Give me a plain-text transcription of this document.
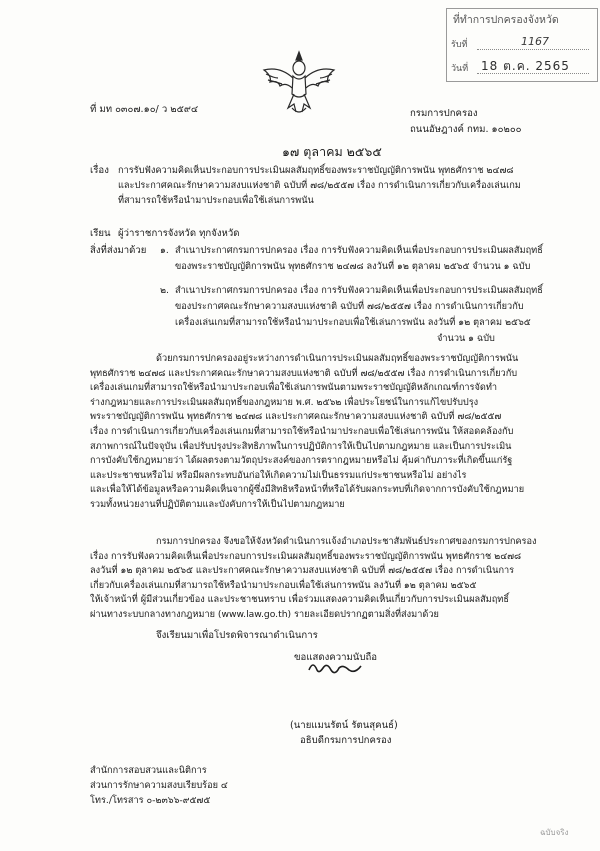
ที่ทำการปกครองจังหวัด
รับที่	1167
วันที่ 18 ต.ค. 2565
ที่ มท ๐๓๐๗.๑๐/ ว ๒๕๙๔	กรมการปกครอง
ถนนอัษฎางค์ กทม. ๑๐๒๐๐
๑๗ ตุลาคม ๒๕๖๕
เรื่อง การรับฟังความคิดเห็นประกอบการประเมินผลสัมฤทธิ์ของพระราชบัญญัติการพนัน พุทธศักราช ๒๔๗๘
และประกาศคณะรักษาความสงบแห่งชาติ ฉบับที่ ๗๘/๒๕๕๗ เรื่อง การดำเนินการเกี่ยวกับเครื่องเล่นเกม
ที่สามารถใช้หรือนำมาประกอบเพื่อใช้เล่นการพนัน
เรียน ผู้ว่าราชการจังหวัด ทุกจังหวัด
สิ่งที่ส่งมาด้วย ๑. สำเนาประกาศกรมการปกครอง เรื่อง การรับฟังความคิดเห็นเพื่อประกอบการประเมินผลสัมฤทธิ์
ของพระราชบัญญัติการพนัน พุทธศักราช ๒๔๗๘ ลงวันที่ ๑๒ ตุลาคม ๒๕๖๕ จำนวน ๑ ฉบับ
๒. สำเนาประกาศกรมการปกครอง เรื่อง การรับฟังความคิดเห็นเพื่อประกอบการประเมินผลสัมฤทธิ์
ของประกาศคณะรักษาความสงบแห่งชาติ ฉบับที่ ๗๘/๒๕๕๗ เรื่อง การดำเนินการเกี่ยวกับ
เครื่องเล่นเกมที่สามารถใช้หรือนำมาประกอบเพื่อใช้เล่นการพนัน ลงวันที่ ๑๒ ตุลาคม ๒๕๖๕
จำนวน ๑ ฉบับ
ด้วยกรมการปกครองอยู่ระหว่างการดำเนินการประเมินผลสัมฤทธิ์ของพระราชบัญญัติการพนัน
พุทธศักราช ๒๔๗๘ และประกาศคณะรักษาความสงบแห่งชาติ ฉบับที่ ๗๘/๒๕๕๗ เรื่อง การดำเนินการเกี่ยวกับ
เครื่องเล่นเกมที่สามารถใช้หรือนำมาประกอบเพื่อใช้เล่นการพนันตามพระราชบัญญัติหลักเกณฑ์การจัดทำ
ร่างกฎหมายและการประเมินผลสัมฤทธิ์ของกฎหมาย พ.ศ. ๒๕๖๒ เพื่อประโยชน์ในการแก้ไขปรับปรุง
พระราชบัญญัติการพนัน พุทธศักราช ๒๔๗๘ และประกาศคณะรักษาความสงบแห่งชาติ ฉบับที่ ๗๘/๒๕๕๗
เรื่อง การดำเนินการเกี่ยวกับเครื่องเล่นเกมที่สามารถใช้หรือนำมาประกอบเพื่อใช้เล่นการพนัน ให้สอดคล้องกับ
สภาพการณ์ในปัจจุบัน เพื่อปรับปรุงประสิทธิภาพในการปฏิบัติการให้เป็นไปตามกฎหมาย และเป็นการประเมิน
การบังคับใช้กฎหมายว่า ได้ผลตรงตามวัตถุประสงค์ของการตรากฎหมายหรือไม่ คุ้มค่ากับภาระที่เกิดขึ้นแก่รัฐ
และประชาชนหรือไม่ หรือมีผลกระทบอันก่อให้เกิดความไม่เป็นธรรมแก่ประชาชนหรือไม่ อย่างไร
และเพื่อให้ได้ข้อมูลหรือความคิดเห็นจากผู้ซึ่งมีสิทธิหรือหน้าที่หรือได้รับผลกระทบที่เกิดจากการบังคับใช้กฎหมาย
รวมทั้งหน่วยงานที่ปฏิบัติตามและบังคับการให้เป็นไปตามกฎหมาย
กรมการปกครอง จึงขอให้จังหวัดดำเนินการแจ้งอำเภอประชาสัมพันธ์ประกาศของกรมการปกครอง
เรื่อง การรับฟังความคิดเห็นเพื่อประกอบการประเมินผลสัมฤทธิ์ของพระราชบัญญัติการพนัน พุทธศักราช ๒๔๗๘
ลงวันที่ ๑๒ ตุลาคม ๒๕๖๕ และประกาศคณะรักษาความสงบแห่งชาติ ฉบับที่ ๗๘/๒๕๕๗ เรื่อง การดำเนินการ
เกี่ยวกับเครื่องเล่นเกมที่สามารถใช้หรือนำมาประกอบเพื่อใช้เล่นการพนัน ลงวันที่ ๑๒ ตุลาคม ๒๕๖๕
ให้เจ้าหน้าที่ ผู้มีส่วนเกี่ยวข้อง และประชาชนทราบ เพื่อร่วมแสดงความคิดเห็นเกี่ยวกับการประเมินผลสัมฤทธิ์
ผ่านทางระบบกลางทางกฎหมาย (www.law.go.th) รายละเอียดปรากฏตามสิ่งที่ส่งมาด้วย
จึงเรียนมาเพื่อโปรดพิจารณาดำเนินการ
ขอแสดงความนับถือ
(นายแมนรัตน์ รัตนสุคนธ์)
อธิบดีกรมการปกครอง
สำนักการสอบสวนและนิติการ
ส่วนการรักษาความสงบเรียบร้อย ๔
โทร./โทรสาร ๐-๒๓๖๖-๙๕๗๕
ฉบับจริง
